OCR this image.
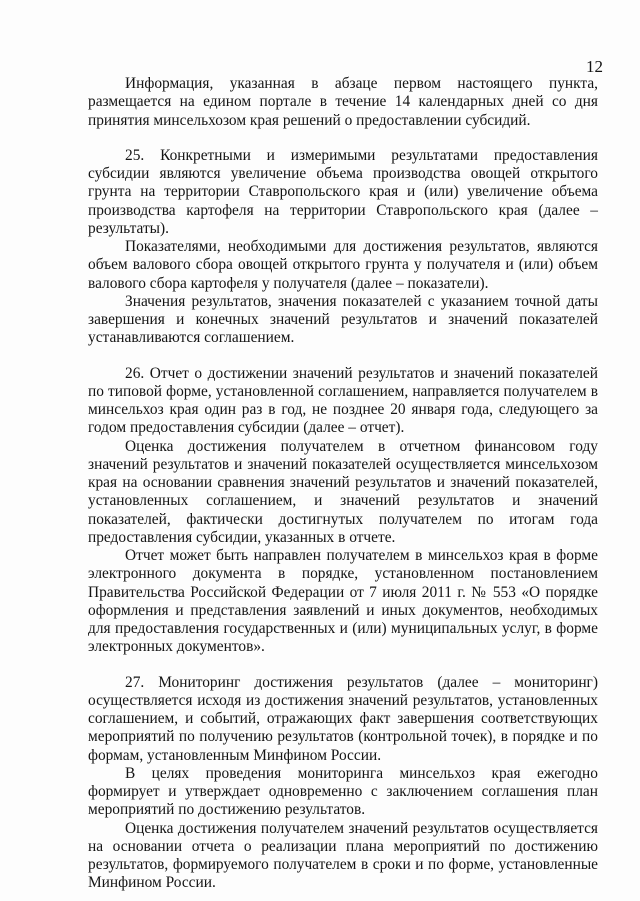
12

Информация, указанная в абзаце первом настоящего пункта, размещается на едином портале в течение 14 календарных дней со дня принятия минсельхозом края решений о предоставлении субсидий.

25. Конкретными и измеримыми результатами предоставления субсидии являются увеличение объема производства овощей открытого грунта на территории Ставропольского края и (или) увеличение объема производства картофеля на территории Ставропольского края (далее – результаты).

Показателями, необходимыми для достижения результатов, являются объем валового сбора овощей открытого грунта у получателя и (или) объем валового сбора картофеля у получателя (далее – показатели).

Значения результатов, значения показателей с указанием точной даты завершения и конечных значений результатов и значений показателей устанавливаются соглашением.

26. Отчет о достижении значений результатов и значений показателей по типовой форме, установленной соглашением, направляется получателем в минсельхоз края один раз в год, не позднее 20 января года, следующего за годом предоставления субсидии (далее – отчет).

Оценка достижения получателем в отчетном финансовом году значений результатов и значений показателей осуществляется минсельхозом края на основании сравнения значений результатов и значений показателей, установленных соглашением, и значений результатов и значений показателей, фактически достигнутых получателем по итогам года предоставления субсидии, указанных в отчете.

Отчет может быть направлен получателем в минсельхоз края в форме электронного документа в порядке, установленном постановлением Правительства Российской Федерации от 7 июля 2011 г. № 553 «О порядке оформления и представления заявлений и иных документов, необходимых для предоставления государственных и (или) муниципальных услуг, в форме электронных документов».

27. Мониторинг достижения результатов (далее – мониторинг) осуществляется исходя из достижения значений результатов, установленных соглашением, и событий, отражающих факт завершения соответствующих мероприятий по получению результатов (контрольной точек), в порядке и по формам, установленным Минфином России.

В целях проведения мониторинга минсельхоз края ежегодно формирует и утверждает одновременно с заключением соглашения план мероприятий по достижению результатов.

Оценка достижения получателем значений результатов осуществляется на основании отчета о реализации плана мероприятий по достижению результатов, формируемого получателем в сроки и по форме, установленные Минфином России.
